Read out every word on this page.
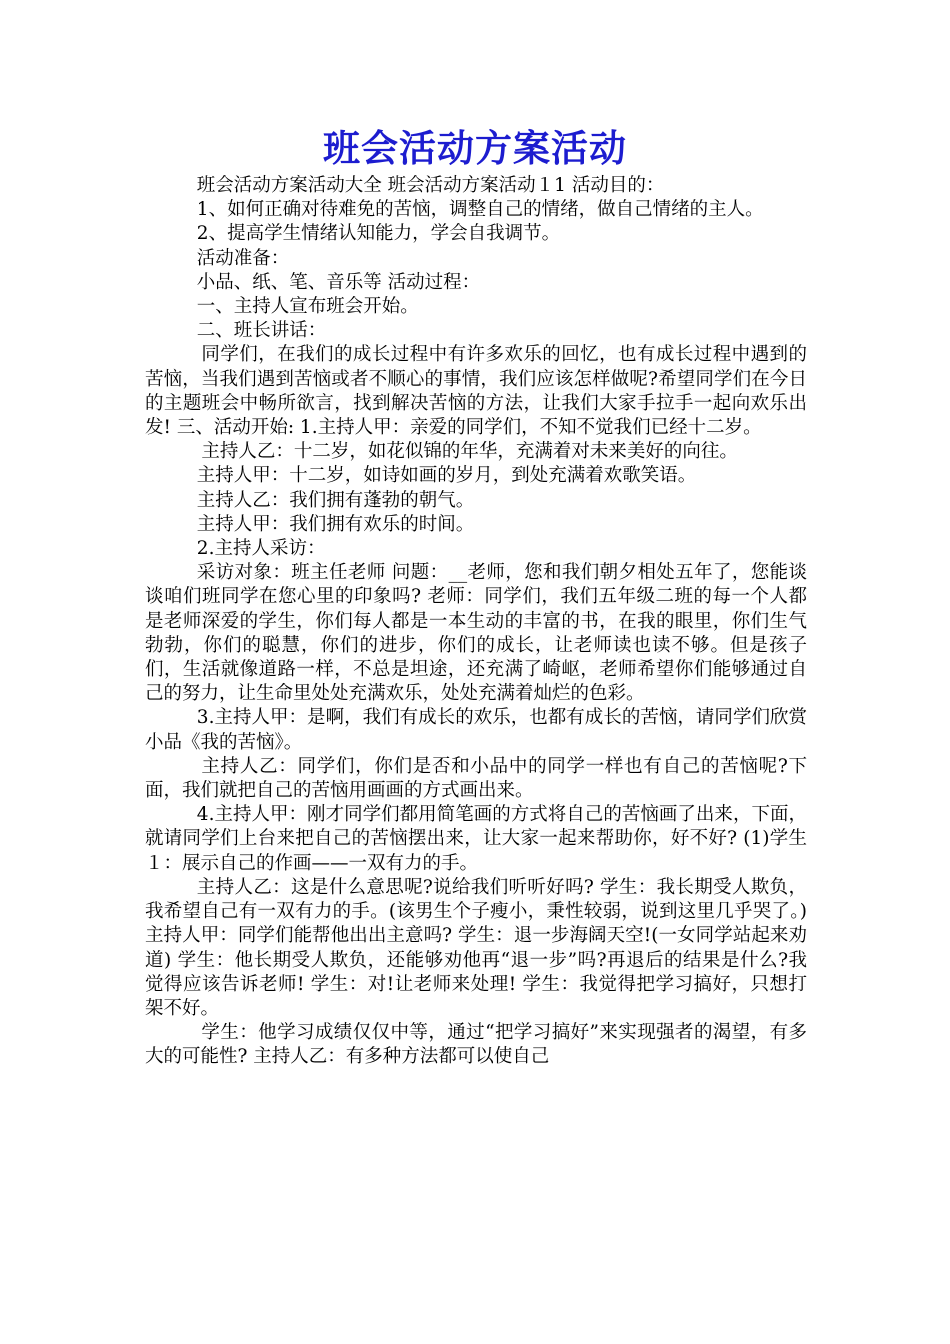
班会活动方案活动

班会活动方案活动大全 班会活动方案活动１1 活动目的：

1、如何正确对待难免的苦恼，调整自己的情绪，做自己情绪的主人。

2、提高学生情绪认知能力，学会自我调节。

活动准备：

小品、纸、笔、音乐等 活动过程：

一、主持人宣布班会开始。

二、班长讲话：

同学们，在我们的成长过程中有许多欢乐的回忆，也有成长过程中遇到的苦恼，当我们遇到苦恼或者不顺心的事情，我们应该怎样做呢?希望同学们在今日的主题班会中畅所欲言，找到解决苦恼的方法，让我们大家手拉手一起向欢乐出发! 三、活动开始: 1.主持人甲：亲爱的同学们，不知不觉我们已经十二岁。

主持人乙：十二岁，如花似锦的年华，充满着对未来美好的向往。

主持人甲：十二岁，如诗如画的岁月，到处充满着欢歌笑语。

主持人乙：我们拥有蓬勃的朝气。

主持人甲：我们拥有欢乐的时间。

2.主持人采访：

采访对象：班主任老师 问题：__老师，您和我们朝夕相处五年了，您能谈谈咱们班同学在您心里的印象吗? 老师：同学们，我们五年级二班的每一个人都是老师深爱的学生，你们每人都是一本生动的丰富的书，在我的眼里，你们生气勃勃，你们的聪慧，你们的进步，你们的成长，让老师读也读不够。但是孩子们，生活就像道路一样，不总是坦途，还充满了崎岖，老师希望你们能够通过自己的努力，让生命里处处充满欢乐，处处充满着灿烂的色彩。

3.主持人甲：是啊，我们有成长的欢乐，也都有成长的苦恼，请同学们欣赏小品《我的苦恼》。

主持人乙：同学们，你们是否和小品中的同学一样也有自己的苦恼呢?下面，我们就把自己的苦恼用画画的方式画出来。

4.主持人甲：刚才同学们都用简笔画的方式将自己的苦恼画了出来，下面，就请同学们上台来把自己的苦恼摆出来，让大家一起来帮助你，好不好? (1)学生１：展示自己的作画——一双有力的手。

主持人乙：这是什么意思呢?说给我们听听好吗? 学生：我长期受人欺负，我希望自己有一双有力的手。(该男生个子瘦小，秉性较弱，说到这里几乎哭了。) 主持人甲：同学们能帮他出出主意吗? 学生：退一步海阔天空!(一女同学站起来劝道) 学生：他长期受人欺负，还能够劝他再“退一步”吗?再退后的结果是什么?我觉得应该告诉老师! 学生：对!让老师来处理! 学生：我觉得把学习搞好，只想打架不好。

学生：他学习成绩仅仅中等，通过“把学习搞好”来实现强者的渴望，有多大的可能性? 主持人乙：有多种方法都可以使自己
